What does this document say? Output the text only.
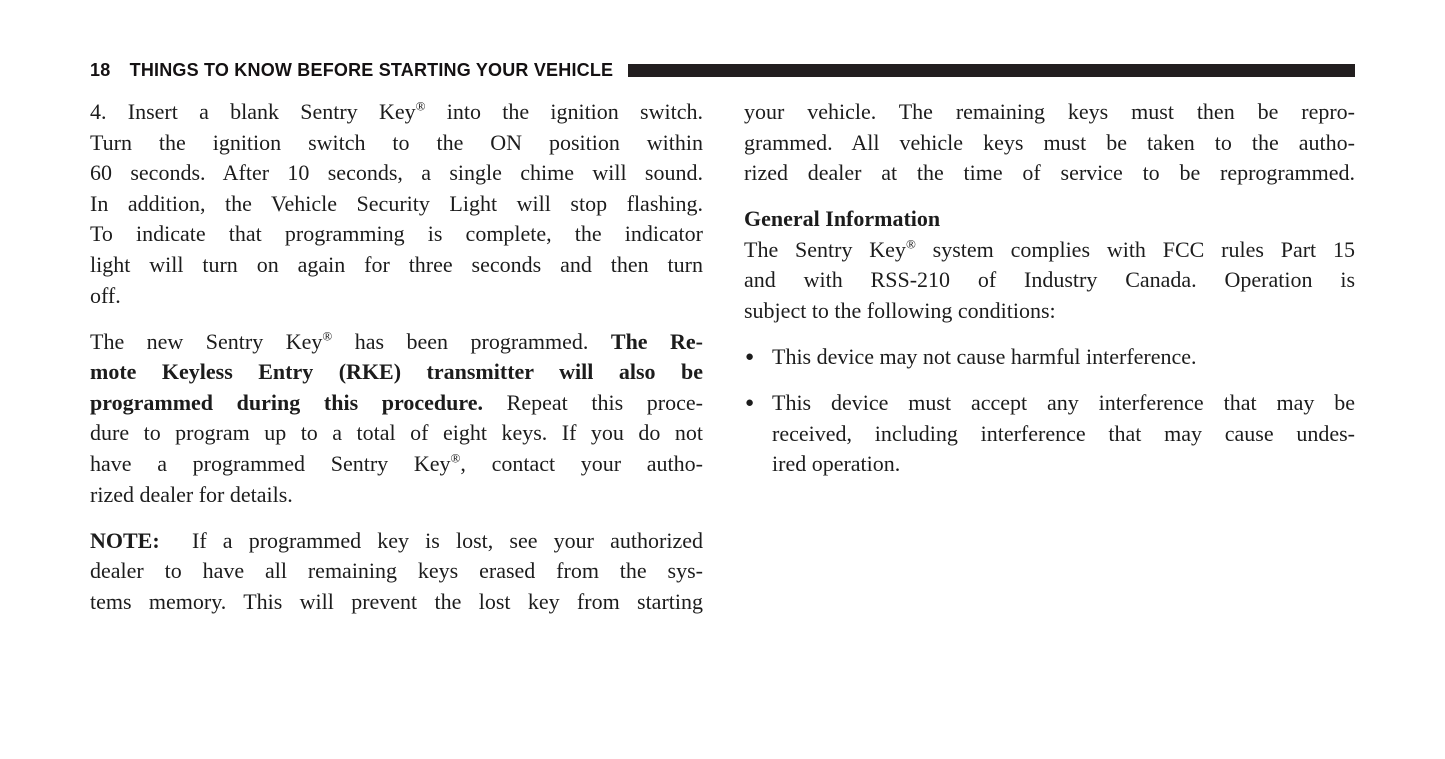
18 THINGS TO KNOW BEFORE STARTING YOUR VEHICLE
4. Insert a blank Sentry Key® into the ignition switch.
Turn the ignition switch to the ON position within
60 seconds. After 10 seconds, a single chime will sound.
In addition, the Vehicle Security Light will stop flashing.
To indicate that programming is complete, the indicator
light will turn on again for three seconds and then turn
off.
The new Sentry Key® has been programmed. The Re-
mote Keyless Entry (RKE) transmitter will also be
programmed during this procedure. Repeat this proce-
dure to program up to a total of eight keys. If you do not
have a programmed Sentry Key®, contact your autho-
rized dealer for details.
NOTE:  If a programmed key is lost, see your authorized
dealer to have all remaining keys erased from the sys-
tems memory. This will prevent the lost key from starting
your vehicle. The remaining keys must then be repro-
grammed. All vehicle keys must be taken to the autho-
rized dealer at the time of service to be reprogrammed.
General Information
The Sentry Key® system complies with FCC rules Part 15
and with RSS-210 of Industry Canada. Operation is
subject to the following conditions:
● This device may not cause harmful interference.
● This device must accept any interference that may be
received, including interference that may cause undes-
ired operation.
